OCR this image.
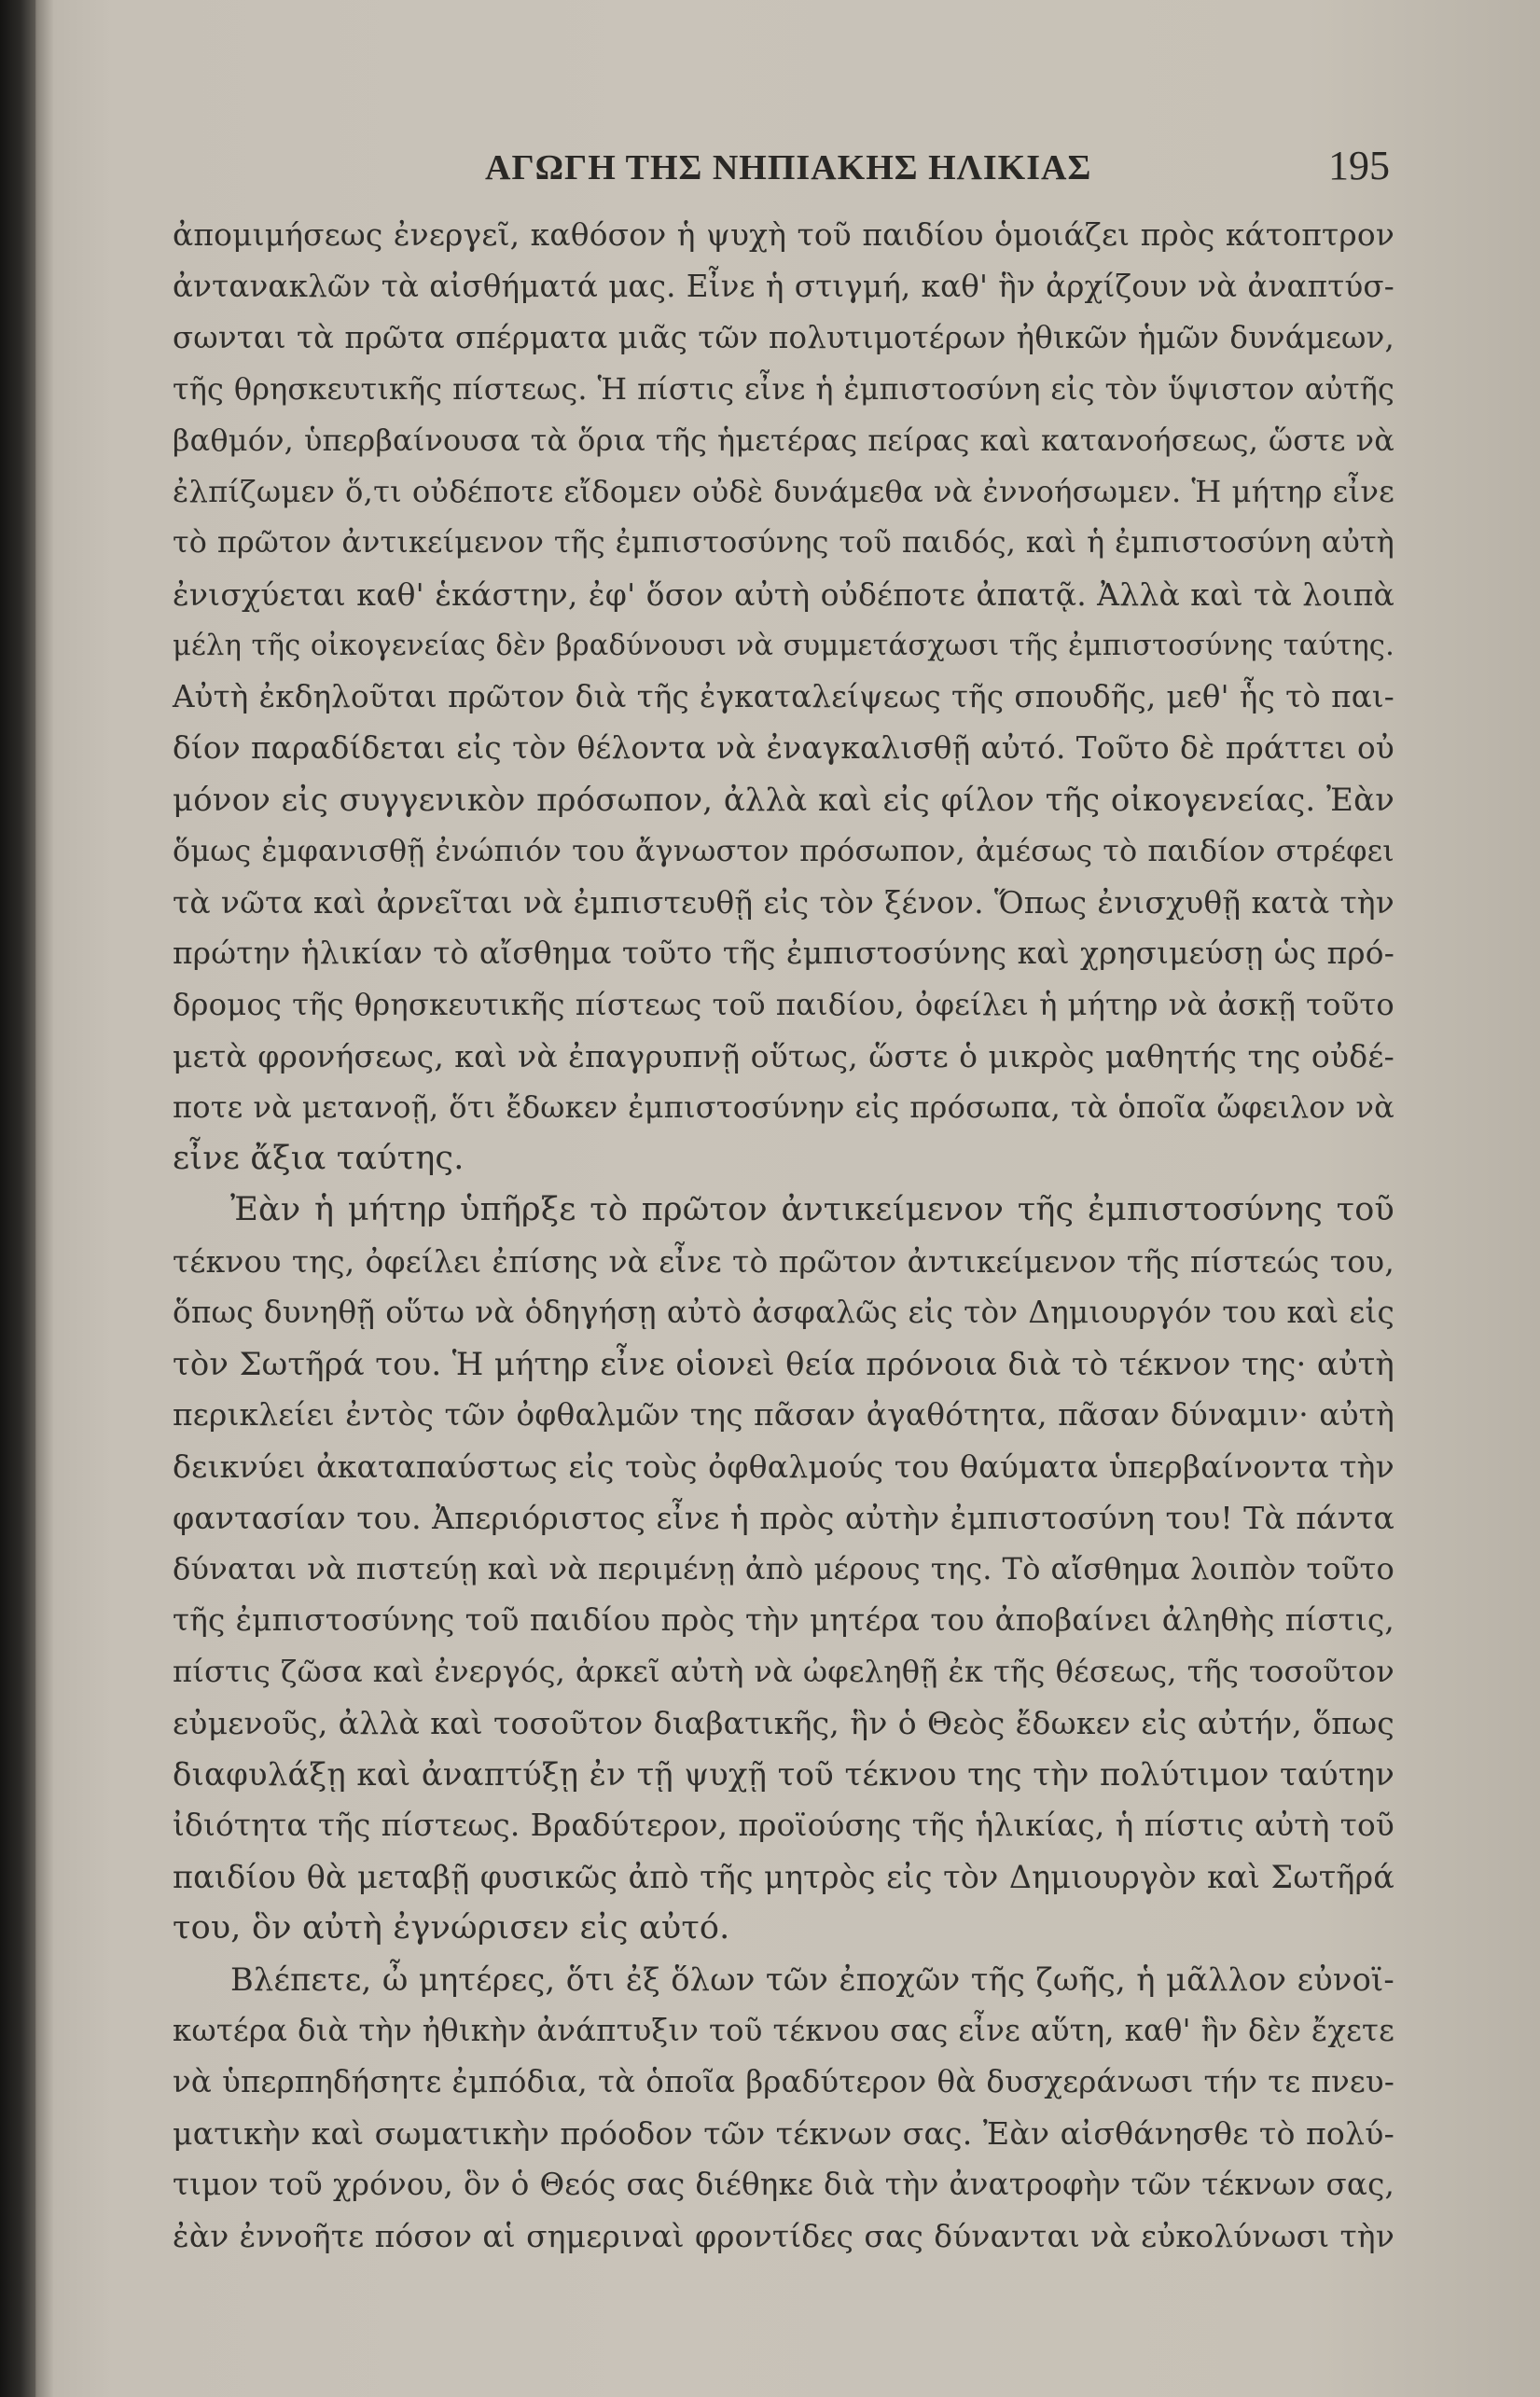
ΑΓΩΓΗ ΤΗΣ ΝΗΠΙΑΚΗΣ ΗΛΙΚΙΑΣ	195
ἀπομιμήσεως ἐνεργεῖ, καθόσον ἡ ψυχὴ τοῦ παιδίου ὁμοιάζει πρὸς κάτοπτρον
ἀντανακλῶν τὰ αἰσθήματά μας. Εἶνε ἡ στιγμή, καθ' ἣν ἀρχίζουν νὰ ἀναπτύσ-
σωνται τὰ πρῶτα σπέρματα μιᾶς τῶν πολυτιμοτέρων ἠθικῶν ἡμῶν δυνάμεων,
τῆς θρησκευτικῆς πίστεως. Ἡ πίστις εἶνε ἡ ἐμπιστοσύνη εἰς τὸν ὕψιστον αὐτῆς
βαθμόν, ὑπερβαίνουσα τὰ ὅρια τῆς ἡμετέρας πείρας καὶ κατανοήσεως, ὥστε νὰ
ἐλπίζωμεν ὅ,τι οὐδέποτε εἴδομεν οὐδὲ δυνάμεθα νὰ ἐννοήσωμεν. Ἡ μήτηρ εἶνε
τὸ πρῶτον ἀντικείμενον τῆς ἐμπιστοσύνης τοῦ παιδός, καὶ ἡ ἐμπιστοσύνη αὐτὴ
ἐνισχύεται καθ' ἑκάστην, ἐφ' ὅσον αὐτὴ οὐδέποτε ἀπατᾷ. Ἀλλὰ καὶ τὰ λοιπὰ
μέλη τῆς οἰκογενείας δὲν βραδύνουσι νὰ συμμετάσχωσι τῆς ἐμπιστοσύνης ταύτης.
Αὐτὴ ἐκδηλοῦται πρῶτον διὰ τῆς ἐγκαταλείψεως τῆς σπουδῆς, μεθ' ἧς τὸ παι-
δίον παραδίδεται εἰς τὸν θέλοντα νὰ ἐναγκαλισθῇ αὐτό. Τοῦτο δὲ πράττει οὐ
μόνον εἰς συγγενικὸν πρόσωπον, ἀλλὰ καὶ εἰς φίλον τῆς οἰκογενείας. Ἐὰν
ὅμως ἐμφανισθῇ ἐνώπιόν του ἄγνωστον πρόσωπον, ἀμέσως τὸ παιδίον στρέφει
τὰ νῶτα καὶ ἀρνεῖται νὰ ἐμπιστευθῇ εἰς τὸν ξένον. Ὅπως ἐνισχυθῇ κατὰ τὴν
πρώτην ἡλικίαν τὸ αἴσθημα τοῦτο τῆς ἐμπιστοσύνης καὶ χρησιμεύσῃ ὡς πρό-
δρομος τῆς θρησκευτικῆς πίστεως τοῦ παιδίου, ὀφείλει ἡ μήτηρ νὰ ἀσκῇ τοῦτο
μετὰ φρονήσεως, καὶ νὰ ἐπαγρυπνῇ οὕτως, ὥστε ὁ μικρὸς μαθητής της οὐδέ-
ποτε νὰ μετανοῇ, ὅτι ἔδωκεν ἐμπιστοσύνην εἰς πρόσωπα, τὰ ὁποῖα ὤφειλον νὰ
εἶνε ἄξια ταύτης.
Ἐὰν ἡ μήτηρ ὑπῆρξε τὸ πρῶτον ἀντικείμενον τῆς ἐμπιστοσύνης τοῦ
τέκνου της, ὀφείλει ἐπίσης νὰ εἶνε τὸ πρῶτον ἀντικείμενον τῆς πίστεώς του,
ὅπως δυνηθῇ οὕτω νὰ ὁδηγήσῃ αὐτὸ ἀσφαλῶς εἰς τὸν Δημιουργόν του καὶ εἰς
τὸν Σωτῆρά του. Ἡ μήτηρ εἶνε οἱονεὶ θεία πρόνοια διὰ τὸ τέκνον της· αὐτὴ
περικλείει ἐντὸς τῶν ὀφθαλμῶν της πᾶσαν ἀγαθότητα, πᾶσαν δύναμιν· αὐτὴ
δεικνύει ἀκαταπαύστως εἰς τοὺς ὀφθαλμούς του θαύματα ὑπερβαίνοντα τὴν
φαντασίαν του. Ἀπεριόριστος εἶνε ἡ πρὸς αὐτὴν ἐμπιστοσύνη του! Τὰ πάντα
δύναται νὰ πιστεύῃ καὶ νὰ περιμένῃ ἀπὸ μέρους της. Τὸ αἴσθημα λοιπὸν τοῦτο
τῆς ἐμπιστοσύνης τοῦ παιδίου πρὸς τὴν μητέρα του ἀποβαίνει ἀληθὴς πίστις,
πίστις ζῶσα καὶ ἐνεργός, ἀρκεῖ αὐτὴ νὰ ὠφεληθῇ ἐκ τῆς θέσεως, τῆς τοσοῦτον
εὐμενοῦς, ἀλλὰ καὶ τοσοῦτον διαβατικῆς, ἣν ὁ Θεὸς ἔδωκεν εἰς αὐτήν, ὅπως
διαφυλάξῃ καὶ ἀναπτύξῃ ἐν τῇ ψυχῇ τοῦ τέκνου της τὴν πολύτιμον ταύτην
ἰδιότητα τῆς πίστεως. Βραδύτερον, προϊούσης τῆς ἡλικίας, ἡ πίστις αὐτὴ τοῦ
παιδίου θὰ μεταβῇ φυσικῶς ἀπὸ τῆς μητρὸς εἰς τὸν Δημιουργὸν καὶ Σωτῆρά
του, ὃν αὐτὴ ἐγνώρισεν εἰς αὐτό.
Βλέπετε, ὦ μητέρες, ὅτι ἐξ ὅλων τῶν ἐποχῶν τῆς ζωῆς, ἡ μᾶλλον εὐνοϊ-
κωτέρα διὰ τὴν ἠθικὴν ἀνάπτυξιν τοῦ τέκνου σας εἶνε αὕτη, καθ' ἣν δὲν ἔχετε
νὰ ὑπερπηδήσητε ἐμπόδια, τὰ ὁποῖα βραδύτερον θὰ δυσχεράνωσι τήν τε πνευ-
ματικὴν καὶ σωματικὴν πρόοδον τῶν τέκνων σας. Ἐὰν αἰσθάνησθε τὸ πολύ-
τιμον τοῦ χρόνου, ὃν ὁ Θεός σας διέθηκε διὰ τὴν ἀνατροφὴν τῶν τέκνων σας,
ἐὰν ἐννοῆτε πόσον αἱ σημεριναὶ φροντίδες σας δύνανται νὰ εὐκολύνωσι τὴν
